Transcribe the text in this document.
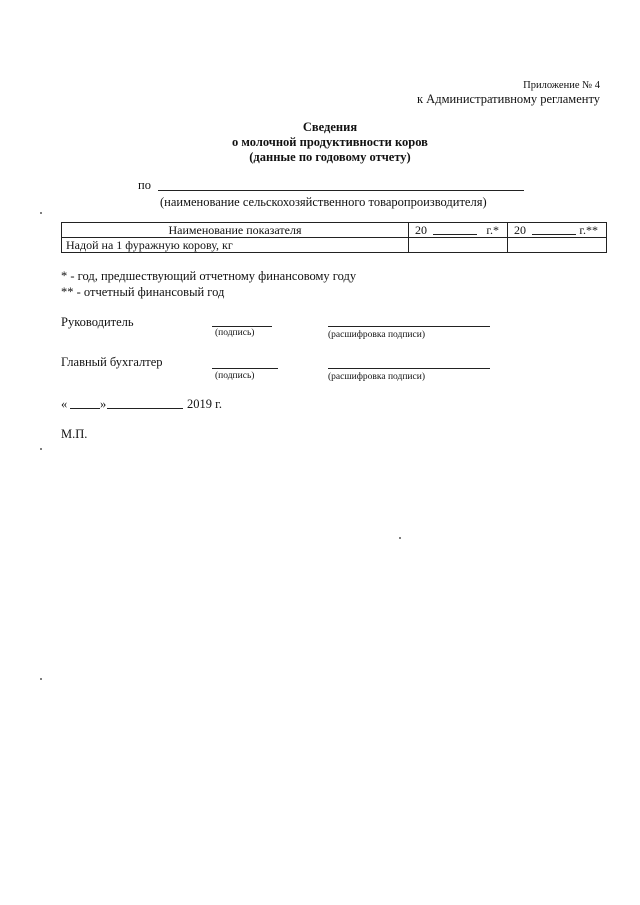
Приложение № 4
к Административному регламенту
Сведения
о молочной продуктивности коров
(данные по годовому отчету)
по
(наименование сельскохозяйственного товаропроизводителя)
Наименование показателя	20 г.*	20 г.**

Надой на 1 фуражную корову, кг		
* - год, предшествующий отчетному финансовому году
** - отчетный финансовый год
Руководитель
(подпись)	(расшифровка подписи)
Главный бухгалтер
(подпись)	(расшифровка подписи)
«	»	2019 г.
М.П.
